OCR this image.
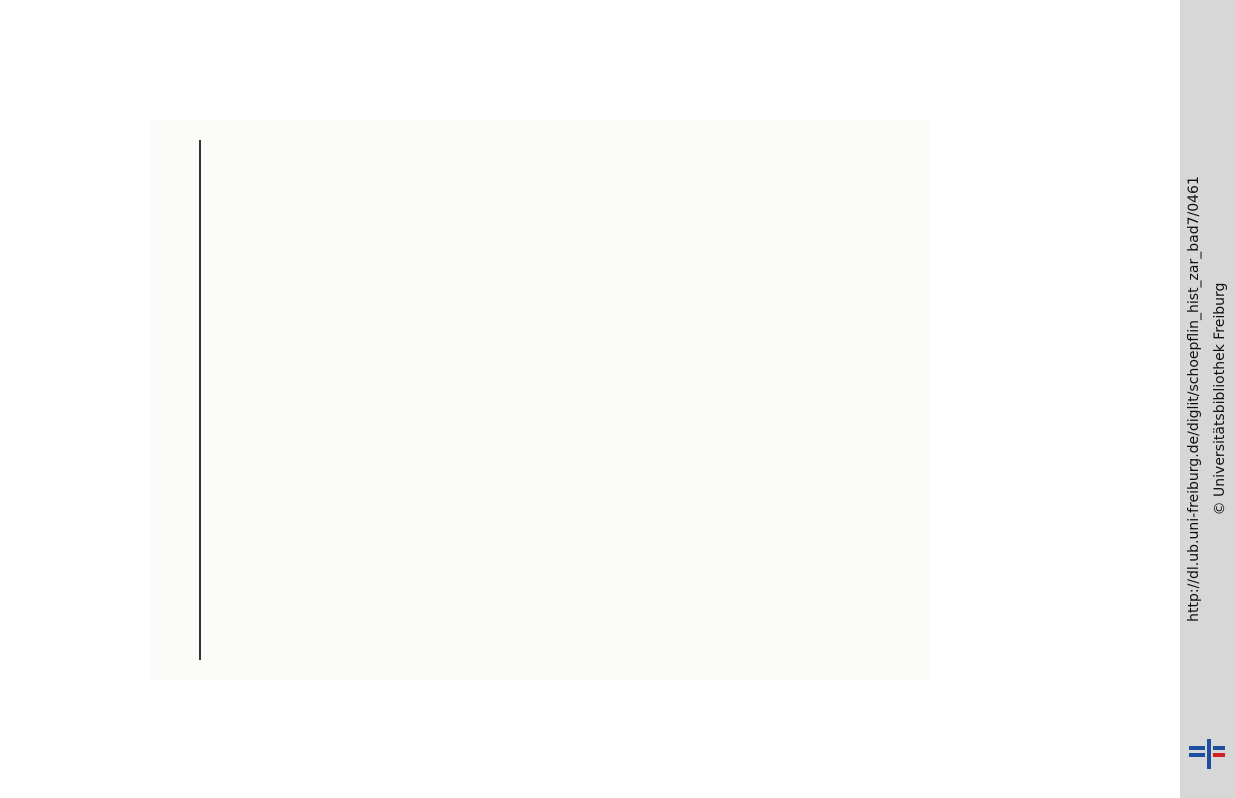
http://dl.ub.uni-freiburg.de/diglit/schoepflin_hist_zar_bad7/0461 © Universitätsbibliothek Freiburg
